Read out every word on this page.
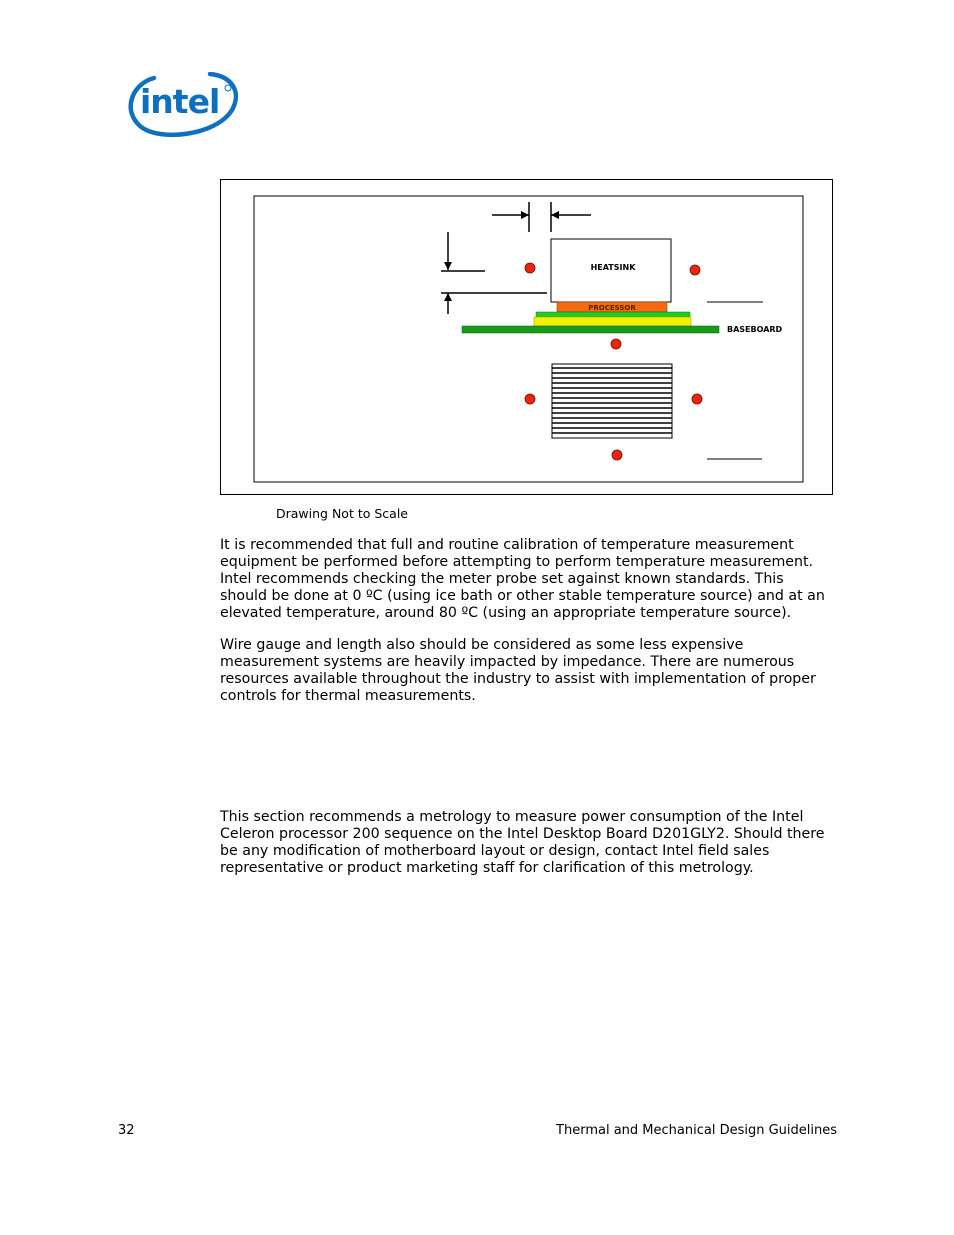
intel
HEATSINK
PROCESSOR
BASEBOARD
Drawing Not to Scale

It is recommended that full and routine calibration of temperature measurement
equipment be performed before attempting to perform temperature measurement.
Intel recommends checking the meter probe set against known standards. This
should be done at 0 ºC (using ice bath or other stable temperature source) and at an
elevated temperature, around 80 ºC (using an appropriate temperature source).

Wire gauge and length also should be considered as some less expensive
measurement systems are heavily impacted by impedance. There are numerous
resources available throughout the industry to assist with implementation of proper
controls for thermal measurements.

This section recommends a metrology to measure power consumption of the Intel
Celeron processor 200 sequence on the Intel Desktop Board D201GLY2. Should there
be any modification of motherboard layout or design, contact Intel field sales
representative or product marketing staff for clarification of this metrology.

32	Thermal and Mechanical Design Guidelines
